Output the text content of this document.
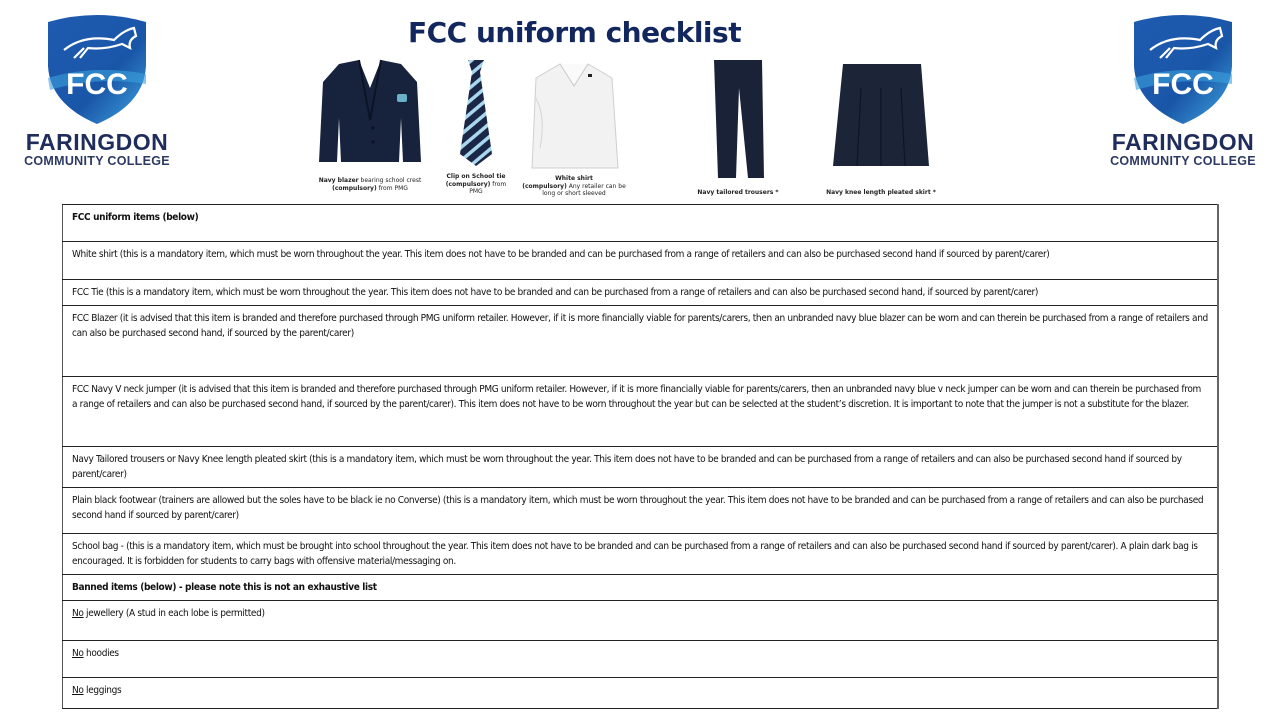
FCC
FARINGDON
COMMUNITY COLLEGE
FCC
FARINGDON
COMMUNITY COLLEGE
FCC uniform checklist
Navy blazer bearing school crest
(compulsory) from PMG
Clip on School tie
(compulsory) from PMG
White shirt
(compulsory) Any retailer can be long or short sleeved	Navy tailored trousers *	Navy knee length pleated skirt *
FCC uniform items (below)
White shirt (this is a mandatory item, which must be worn throughout the year. This item does not have to be branded and can be purchased from a range of retailers and can also be purchased second hand if sourced by parent/carer)
FCC Tie (this is a mandatory item, which must be worn throughout the year. This item does not have to be branded and can be purchased from a range of retailers and can also be purchased second hand, if sourced by parent/carer)
FCC Blazer (it is advised that this item is branded and therefore purchased through PMG uniform retailer. However, if it is more financially viable for parents/carers, then an unbranded navy blue blazer can be worn and can therein be purchased from a range of retailers and can also be purchased second hand, if sourced by the parent/carer)
FCC Navy V neck jumper (it is advised that this item is branded and therefore purchased through PMG uniform retailer. However, if it is more financially viable for parents/carers, then an unbranded navy blue v neck jumper can be worn and can therein be purchased from a range of retailers and can also be purchased second hand, if sourced by the parent/carer). This item does not have to be worn throughout the year but can be selected at the student’s discretion. It is important to note that the jumper is not a substitute for the blazer.
Navy Tailored trousers or Navy Knee length pleated skirt (this is a mandatory item, which must be worn throughout the year. This item does not have to be branded and can be purchased from a range of retailers and can also be purchased second hand if sourced by parent/carer)
Plain black footwear (trainers are allowed but the soles have to be black ie no Converse) (this is a mandatory item, which must be worn throughout the year. This item does not have to be branded and can be purchased from a range of retailers and can also be purchased second hand if sourced by parent/carer)
School bag - (this is a mandatory item, which must be brought into school throughout the year. This item does not have to be branded and can be purchased from a range of retailers and can also be purchased second hand if sourced by parent/carer). A plain dark bag is encouraged. It is forbidden for students to carry bags with offensive material/messaging on.
Banned items (below) - please note this is not an exhaustive list
No jewellery (A stud in each lobe is permitted)
No hoodies
No leggings
